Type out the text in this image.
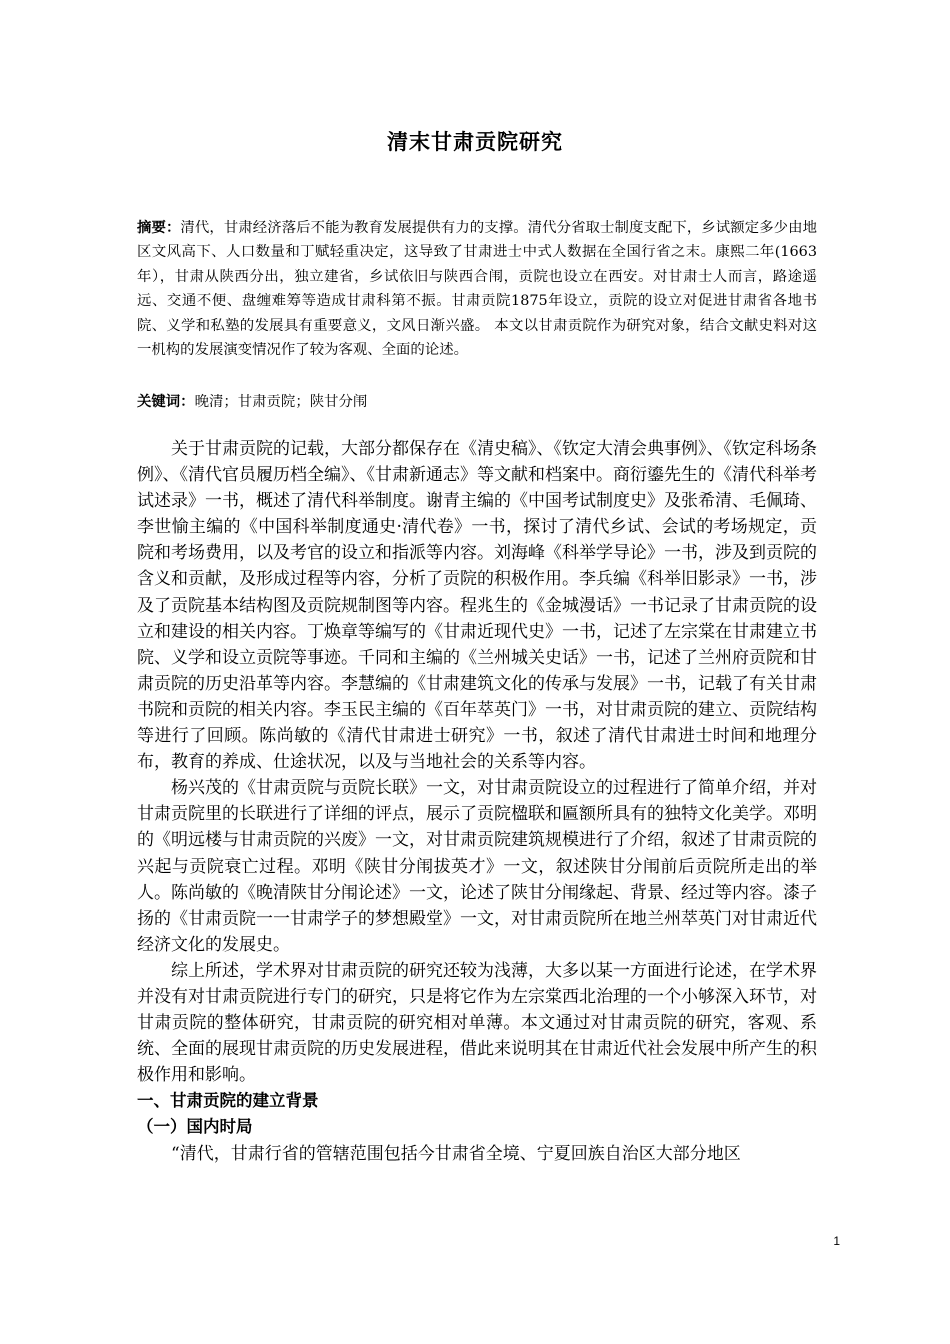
清末甘肃贡院研究
摘要：清代，甘肃经济落后不能为教育发展提供有力的支撑。清代分省取士制度支配下，乡试额定多少由地区文风高下、人口数量和丁赋轻重决定，这导致了甘肃进士中式人数据在全国行省之末。康熙二年(1663年），甘肃从陕西分出，独立建省，乡试依旧与陕西合闱，贡院也设立在西安。对甘肃士人而言，路途遥远、交通不便、盘缠难筹等造成甘肃科第不振。甘肃贡院1875年设立，贡院的设立对促进甘肃省各地书院、义学和私塾的发展具有重要意义，文风日渐兴盛。 本文以甘肃贡院作为研究对象，结合文献史料对这一机构的发展演变情况作了较为客观、全面的论述。
关键词：晚清；甘肃贡院；陕甘分闱

关于甘肃贡院的记载，大部分都保存在《清史稿》、《钦定大清会典事例》、《钦定科场条例》、《清代官员履历档全编》、《甘肃新通志》等文献和档案中。商衍鎏先生的《清代科举考试述录》一书，概述了清代科举制度。谢青主编的《中国考试制度史》及张希清、毛佩琦、李世愉主编的《中国科举制度通史·清代卷》一书，探讨了清代乡试、会试的考场规定，贡院和考场费用，以及考官的设立和指派等内容。刘海峰《科举学导论》一书，涉及到贡院的含义和贡献，及形成过程等内容，分析了贡院的积极作用。李兵编《科举旧影录》一书，涉及了贡院基本结构图及贡院规制图等内容。程兆生的《金城漫话》一书记录了甘肃贡院的设立和建设的相关内容。丁焕章等编写的《甘肃近现代史》一书，记述了左宗棠在甘肃建立书院、义学和设立贡院等事迹。千同和主编的《兰州城关史话》一书，记述了兰州府贡院和甘肃贡院的历史沿革等内容。李慧编的《甘肃建筑文化的传承与发展》一书，记载了有关甘肃书院和贡院的相关内容。李玉民主编的《百年萃英门》一书，对甘肃贡院的建立、贡院结构等进行了回顾。陈尚敏的《清代甘肃进士研究》一书，叙述了清代甘肃进士时间和地理分布，教育的养成、仕途状况，以及与当地社会的关系等内容。

杨兴茂的《甘肃贡院与贡院长联》一文，对甘肃贡院设立的过程进行了简单介绍，并对甘肃贡院里的长联进行了详细的评点，展示了贡院楹联和匾额所具有的独特文化美学。邓明的《明远楼与甘肃贡院的兴废》一文，对甘肃贡院建筑规模进行了介绍，叙述了甘肃贡院的兴起与贡院衰亡过程。邓明《陕甘分闱拔英才》一文，叙述陕甘分闱前后贡院所走出的举人。陈尚敏的《晚清陕甘分闱论述》一文，论述了陕甘分闱缘起、背景、经过等内容。漆子扬的《甘肃贡院一一甘肃学子的梦想殿堂》一文，对甘肃贡院所在地兰州萃英门对甘肃近代经济文化的发展史。

综上所述，学术界对甘肃贡院的研究还较为浅薄，大多以某一方面进行论述，在学术界并没有对甘肃贡院进行专门的研究，只是将它作为左宗棠西北治理的一个小够深入环节，对甘肃贡院的整体研究，甘肃贡院的研究相对单薄。本文通过对甘肃贡院的研究，客观、系统、全面的展现甘肃贡院的历史发展进程，借此来说明其在甘肃近代社会发展中所产生的积极作用和影响。

一、甘肃贡院的建立背景
（一）国内时局

“清代，甘肃行省的管辖范围包括今甘肃省全境、宁夏回族自治区大部分地区

1
